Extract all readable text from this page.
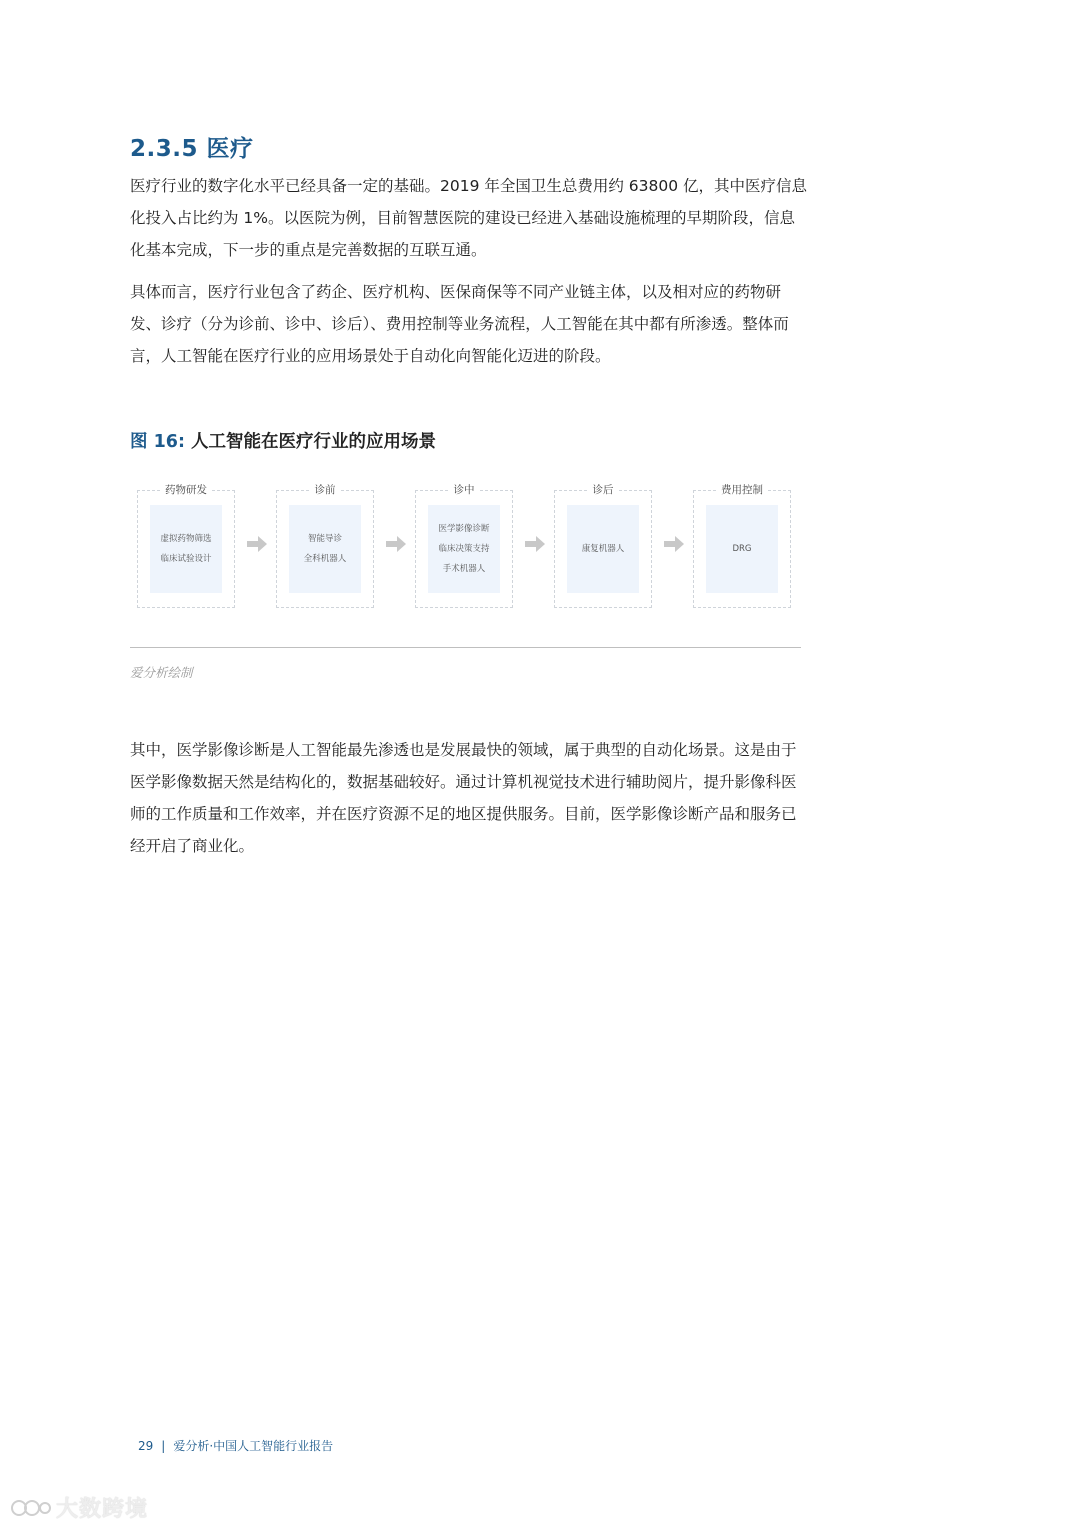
2.3.5 医疗

医疗行业的数字化水平已经具备一定的基础。2019 年全国卫生总费用约 63800 亿，其中医疗信息化投入占比约为 1%。以医院为例，目前智慧医院的建设已经进入基础设施梳理的早期阶段，信息化基本完成，下一步的重点是完善数据的互联互通。

具体而言，医疗行业包含了药企、医疗机构、医保商保等不同产业链主体，以及相对应的药物研发、诊疗（分为诊前、诊中、诊后）、费用控制等业务流程，人工智能在其中都有所渗透。整体而言，人工智能在医疗行业的应用场景处于自动化向智能化迈进的阶段。

图 16: 人工智能在医疗行业的应用场景
药物研发
虚拟药物筛选
临床试验设计
诊前
智能导诊
全科机器人
诊中
医学影像诊断
临床决策支持
手术机器人
诊后
康复机器人
费用控制
DRG

爱分析绘制

其中，医学影像诊断是人工智能最先渗透也是发展最快的领域，属于典型的自动化场景。这是由于医学影像数据天然是结构化的，数据基础较好。通过计算机视觉技术进行辅助阅片，提升影像科医师的工作质量和工作效率，并在医疗资源不足的地区提供服务。目前，医学影像诊断产品和服务已经开启了商业化。

29 | 爱分析·中国人工智能行业报告
大数跨境
